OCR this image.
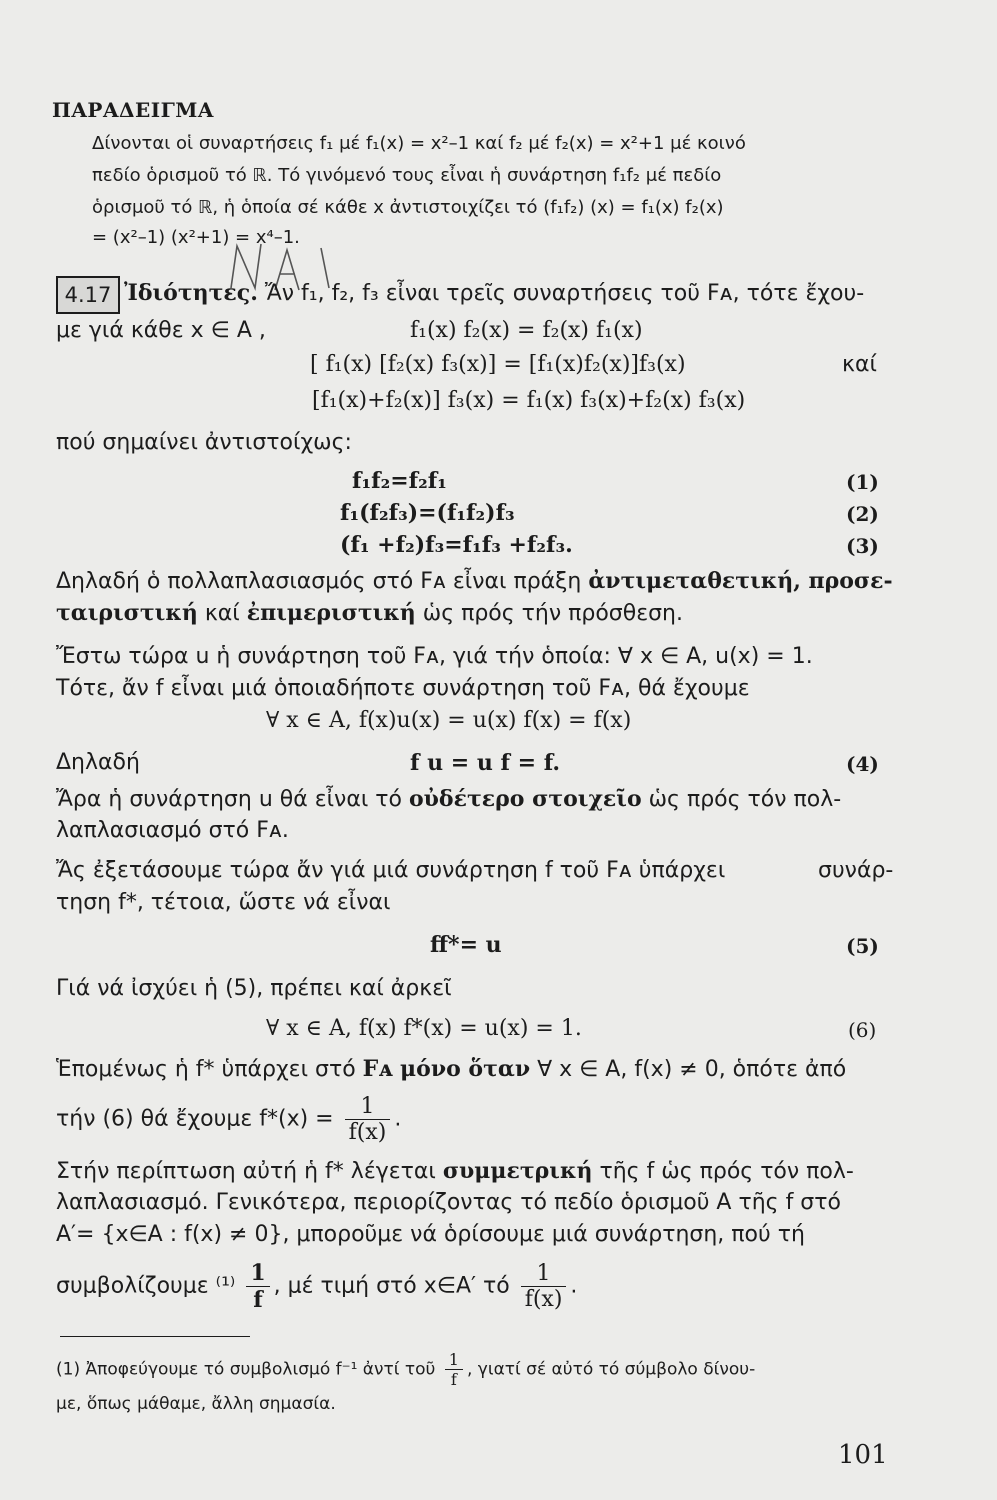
ΠΑΡΑΔΕΙΓΜΑ
Δίνονται οἱ συναρτήσεις f₁ μέ f₁(x) = x²–1 καί f₂ μέ f₂(x) = x²+1 μέ κοινό
πεδίο ὁρισμοῦ τό ℝ. Τό γινόμενό τους εἶναι ἡ συνάρτηση f₁f₂ μέ πεδίο
ὁρισμοῦ τό ℝ, ἡ ὁποία σέ κάθε x ἀντιστοιχίζει τό (f₁f₂) (x) = f₁(x) f₂(x)
= (x²–1) (x²+1) = x⁴–1.
4.17 Ἰδιότητες. Ἄν f₁, f₂, f₃ εἶναι τρεῖς συναρτήσεις τοῦ Fᴀ, τότε ἔχου-
με γιά κάθε x ∈ A ,	f₁(x) f₂(x) = f₂(x) f₁(x)
[ f₁(x) [f₂(x) f₃(x)] = [f₁(x)f₂(x)]f₃(x)	καί
[f₁(x)+f₂(x)] f₃(x) = f₁(x) f₃(x)+f₂(x) f₃(x)
πού σημαίνει ἀντιστοίχως:
f₁f₂=f₂f₁	(1)
f₁(f₂f₃)=(f₁f₂)f₃	(2)
(f₁ +f₂)f₃=f₁f₃ +f₂f₃.	(3)
Δηλαδή ὁ πολλαπλασιασμός στό Fᴀ εἶναι πράξη ἀντιμεταθετική, προσε-
ταιριστική καί ἐπιμεριστική ὡς πρός τήν πρόσθεση.
Ἔστω τώρα u ἡ συνάρτηση τοῦ Fᴀ, γιά τήν ὁποία: ∀ x ∈ A, u(x) = 1.
Τότε, ἄν f εἶναι μιά ὁποιαδήποτε συνάρτηση τοῦ Fᴀ, θά ἔχουμε
∀ x ∈ A, f(x)u(x) = u(x) f(x) = f(x)
Δηλαδή	f u = u f = f.	(4)
Ἄρα ἡ συνάρτηση u θά εἶναι τό οὐδέτερο στοιχεῖο ὡς πρός τόν πολ-
λαπλασιασμό στό Fᴀ.
Ἄς ἐξετάσουμε τώρα ἄν γιά μιά συνάρτηση f τοῦ Fᴀ ὑπάρχει	συνάρ-
τηση f*, τέτοια, ὥστε νά εἶναι
ff*= u	(5)
Γιά νά ἰσχύει ἡ (5), πρέπει καί ἀρκεῖ
∀ x ∈ A, f(x) f*(x) = u(x) = 1.	(6)
Ἑπομένως ἡ f* ὑπάρχει στό Fᴀ μόνο ὅταν ∀ x ∈ A, f(x) ≠ 0, ὁπότε ἀπό
τήν (6) θά ἔχουμε $f*(x) = \frac{1}{f(x)}$ .
Στήν περίπτωση αὐτή ἡ f* λέγεται συμμετρική τῆς f ὡς πρός τόν πολ-
λαπλασιασμό. Γενικότερα, περιορίζοντας τό πεδίο ὁρισμοῦ A τῆς f στό
A′= {x∈A : f(x) ≠ 0}, μποροῦμε νά ὁρίσουμε μιά συνάρτηση, πού τή
συμβολίζουμε $^{(1)} \frac{1}{f}$ , μέ τιμή στό x∈A′ τό $\frac{1}{f(x)}$ .
(1) Ἀποφεύγουμε τό συμβολισμό f⁻¹ ἀντί τοῦ $\frac{1}{f}$ , γιατί σέ αὐτό τό σύμβολο δίνου-
με, ὅπως μάθαμε, ἄλλη σημασία.
101
